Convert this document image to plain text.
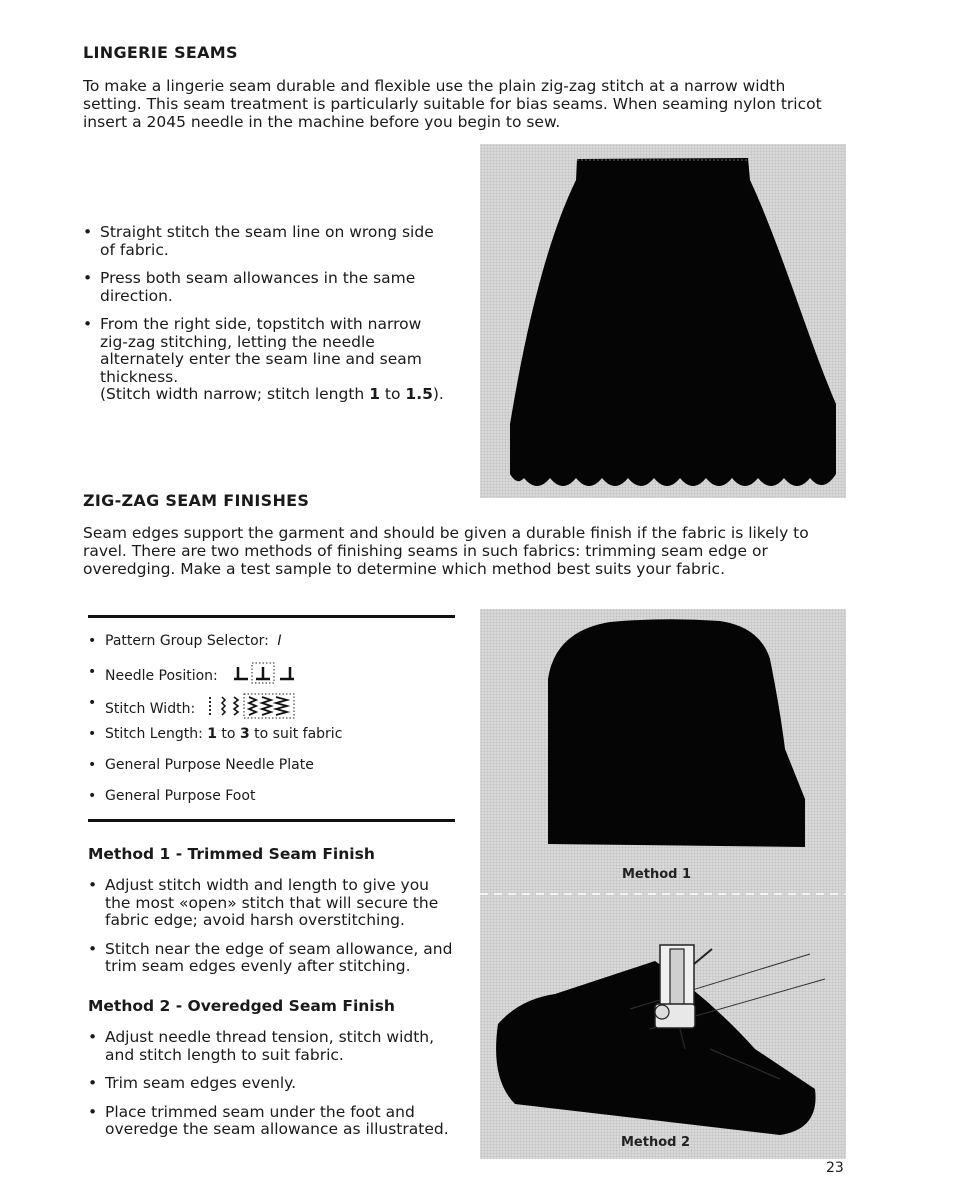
LINGERIE SEAMS
To make a lingerie seam durable and flexible use the plain zig-zag stitch at a narrow width setting. This seam treatment is particularly suitable for bias seams. When seaming nylon tricot insert a 2045 needle in the machine before you begin to sew.
• Straight stitch the seam line on wrong side of fabric.
• Press both seam allowances in the same direction.
• From the right side, topstitch with narrow zig-zag stitching, letting the needle alternately enter the seam line and seam thickness.
(Stitch width narrow; stitch length 1 to 1.5).
ZIG-ZAG SEAM FINISHES
Seam edges support the garment and should be given a durable finish if the fabric is likely to ravel. There are two methods of finishing seams in such fabrics: trimming seam edge or overedging. Make a test sample to determine which method best suits your fabric.
• Pattern Group Selector: I
• Needle Position:
• Stitch Width:
• Stitch Length: 1 to 3 to suit fabric
• General Purpose Needle Plate
• General Purpose Foot
Method 1 - Trimmed Seam Finish
• Adjust stitch width and length to give you the most «open» stitch that will secure the fabric edge; avoid harsh overstitching.
• Stitch near the edge of seam allowance, and trim seam edges evenly after stitching.
Method 2 - Overedged Seam Finish
• Adjust needle thread tension, stitch width, and stitch length to suit fabric.
• Trim seam edges evenly.
• Place trimmed seam under the foot and overedge the seam allowance as illustrated.
Method 1
Method 2
23
